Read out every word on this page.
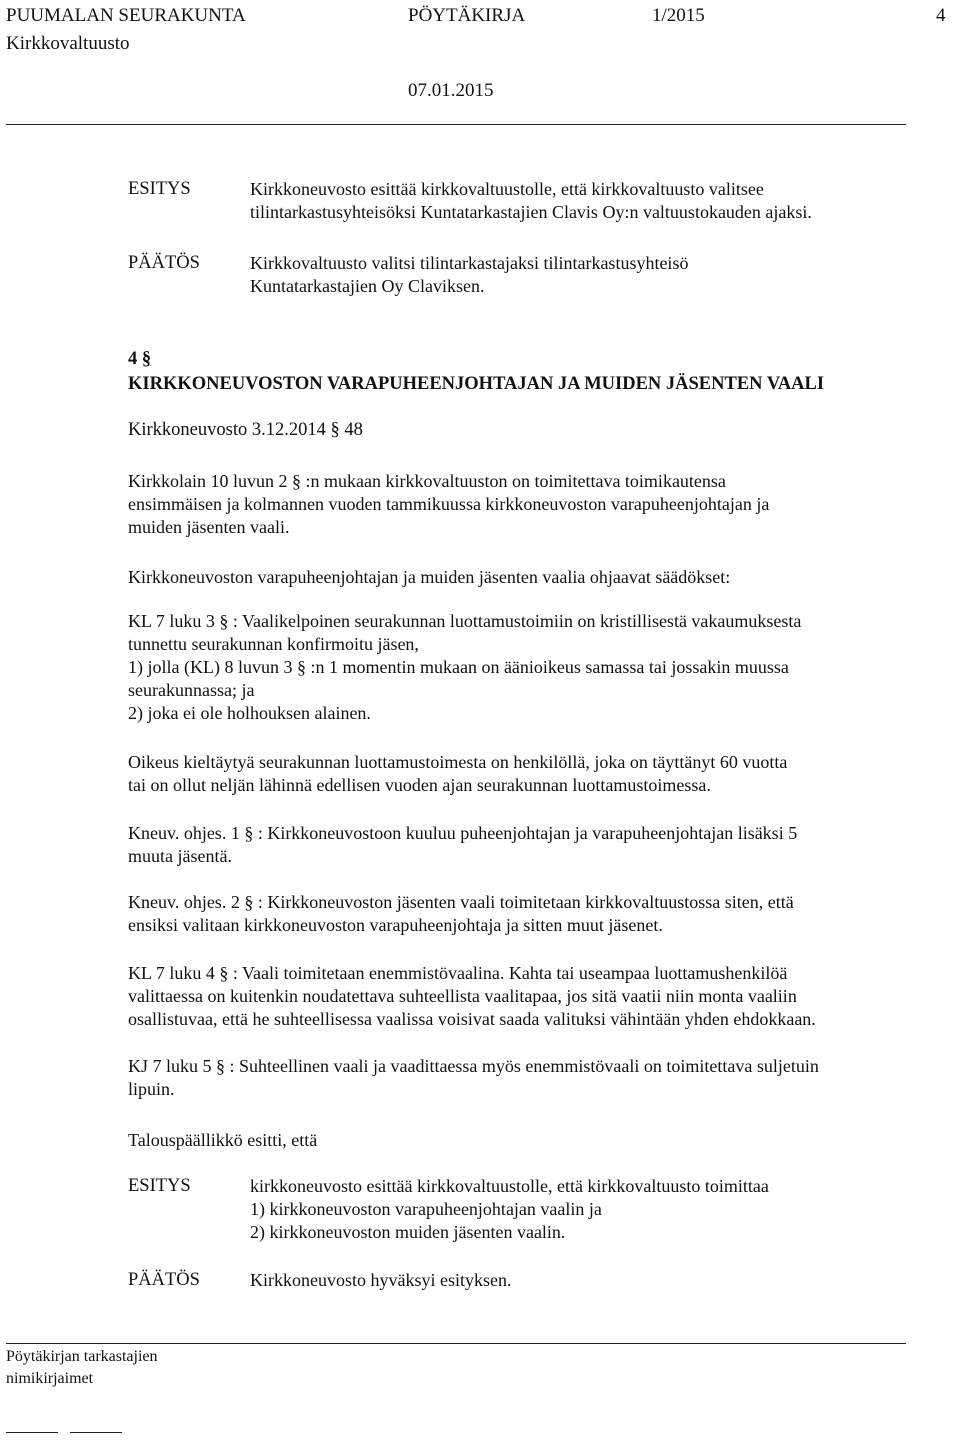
PUUMALAN SEURAKUNTA	PÖYTÄKIRJA	1/2015	4
Kirkkovaltuusto
07.01.2015
ESITYS	Kirkkoneuvosto esittää kirkkovaltuustolle, että kirkkovaltuusto valitsee
tilintarkastusyhteisöksi Kuntatarkastajien Clavis Oy:n valtuustokauden ajaksi.
PÄÄTÖS	Kirkkovaltuusto valitsi tilintarkastajaksi tilintarkastusyhteisö
Kuntatarkastajien Oy Claviksen.
4 §
KIRKKONEUVOSTON VARAPUHEENJOHTAJAN JA MUIDEN JÄSENTEN VAALI
Kirkkoneuvosto 3.12.2014 § 48
Kirkkolain 10 luvun 2 § :n mukaan kirkkovaltuuston on toimitettava toimikautensa
ensimmäisen ja kolmannen vuoden tammikuussa kirkkoneuvoston varapuheenjohtajan ja
muiden jäsenten vaali.
Kirkkoneuvoston varapuheenjohtajan ja muiden jäsenten vaalia ohjaavat säädökset:
KL 7 luku 3 § : Vaalikelpoinen seurakunnan luottamustoimiin on kristillisestä vakaumuksesta
tunnettu seurakunnan konfirmoitu jäsen,
1) jolla (KL) 8 luvun 3 § :n 1 momentin mukaan on äänioikeus samassa tai jossakin muussa
seurakunnassa; ja
2) joka ei ole holhouksen alainen.
Oikeus kieltäytyä seurakunnan luottamustoimesta on henkilöllä, joka on täyttänyt 60 vuotta
tai on ollut neljän lähinnä edellisen vuoden ajan seurakunnan luottamustoimessa.
Kneuv. ohjes. 1 § : Kirkkoneuvostoon kuuluu puheenjohtajan ja varapuheenjohtajan lisäksi 5
muuta jäsentä.
Kneuv. ohjes. 2 § : Kirkkoneuvoston jäsenten vaali toimitetaan kirkkovaltuustossa siten, että
ensiksi valitaan kirkkoneuvoston varapuheenjohtaja ja sitten muut jäsenet.
KL 7 luku 4 § : Vaali toimitetaan enemmistövaalina. Kahta tai useampaa luottamushenkilöä
valittaessa on kuitenkin noudatettava suhteellista vaalitapaa, jos sitä vaatii niin monta vaaliin
osallistuvaa, että he suhteellisessa vaalissa voisivat saada valituksi vähintään yhden ehdokkaan.
KJ 7 luku 5 § : Suhteellinen vaali ja vaadittaessa myös enemmistövaali on toimitettava suljetuin
lipuin.
Talouspäällikkö esitti, että
ESITYS	kirkkoneuvosto esittää kirkkovaltuustolle, että kirkkovaltuusto toimittaa
1) kirkkoneuvoston varapuheenjohtajan vaalin ja
2) kirkkoneuvoston muiden jäsenten vaalin.
PÄÄTÖS	Kirkkoneuvosto hyväksyi esityksen.
Pöytäkirjan tarkastajien
nimikirjaimet
